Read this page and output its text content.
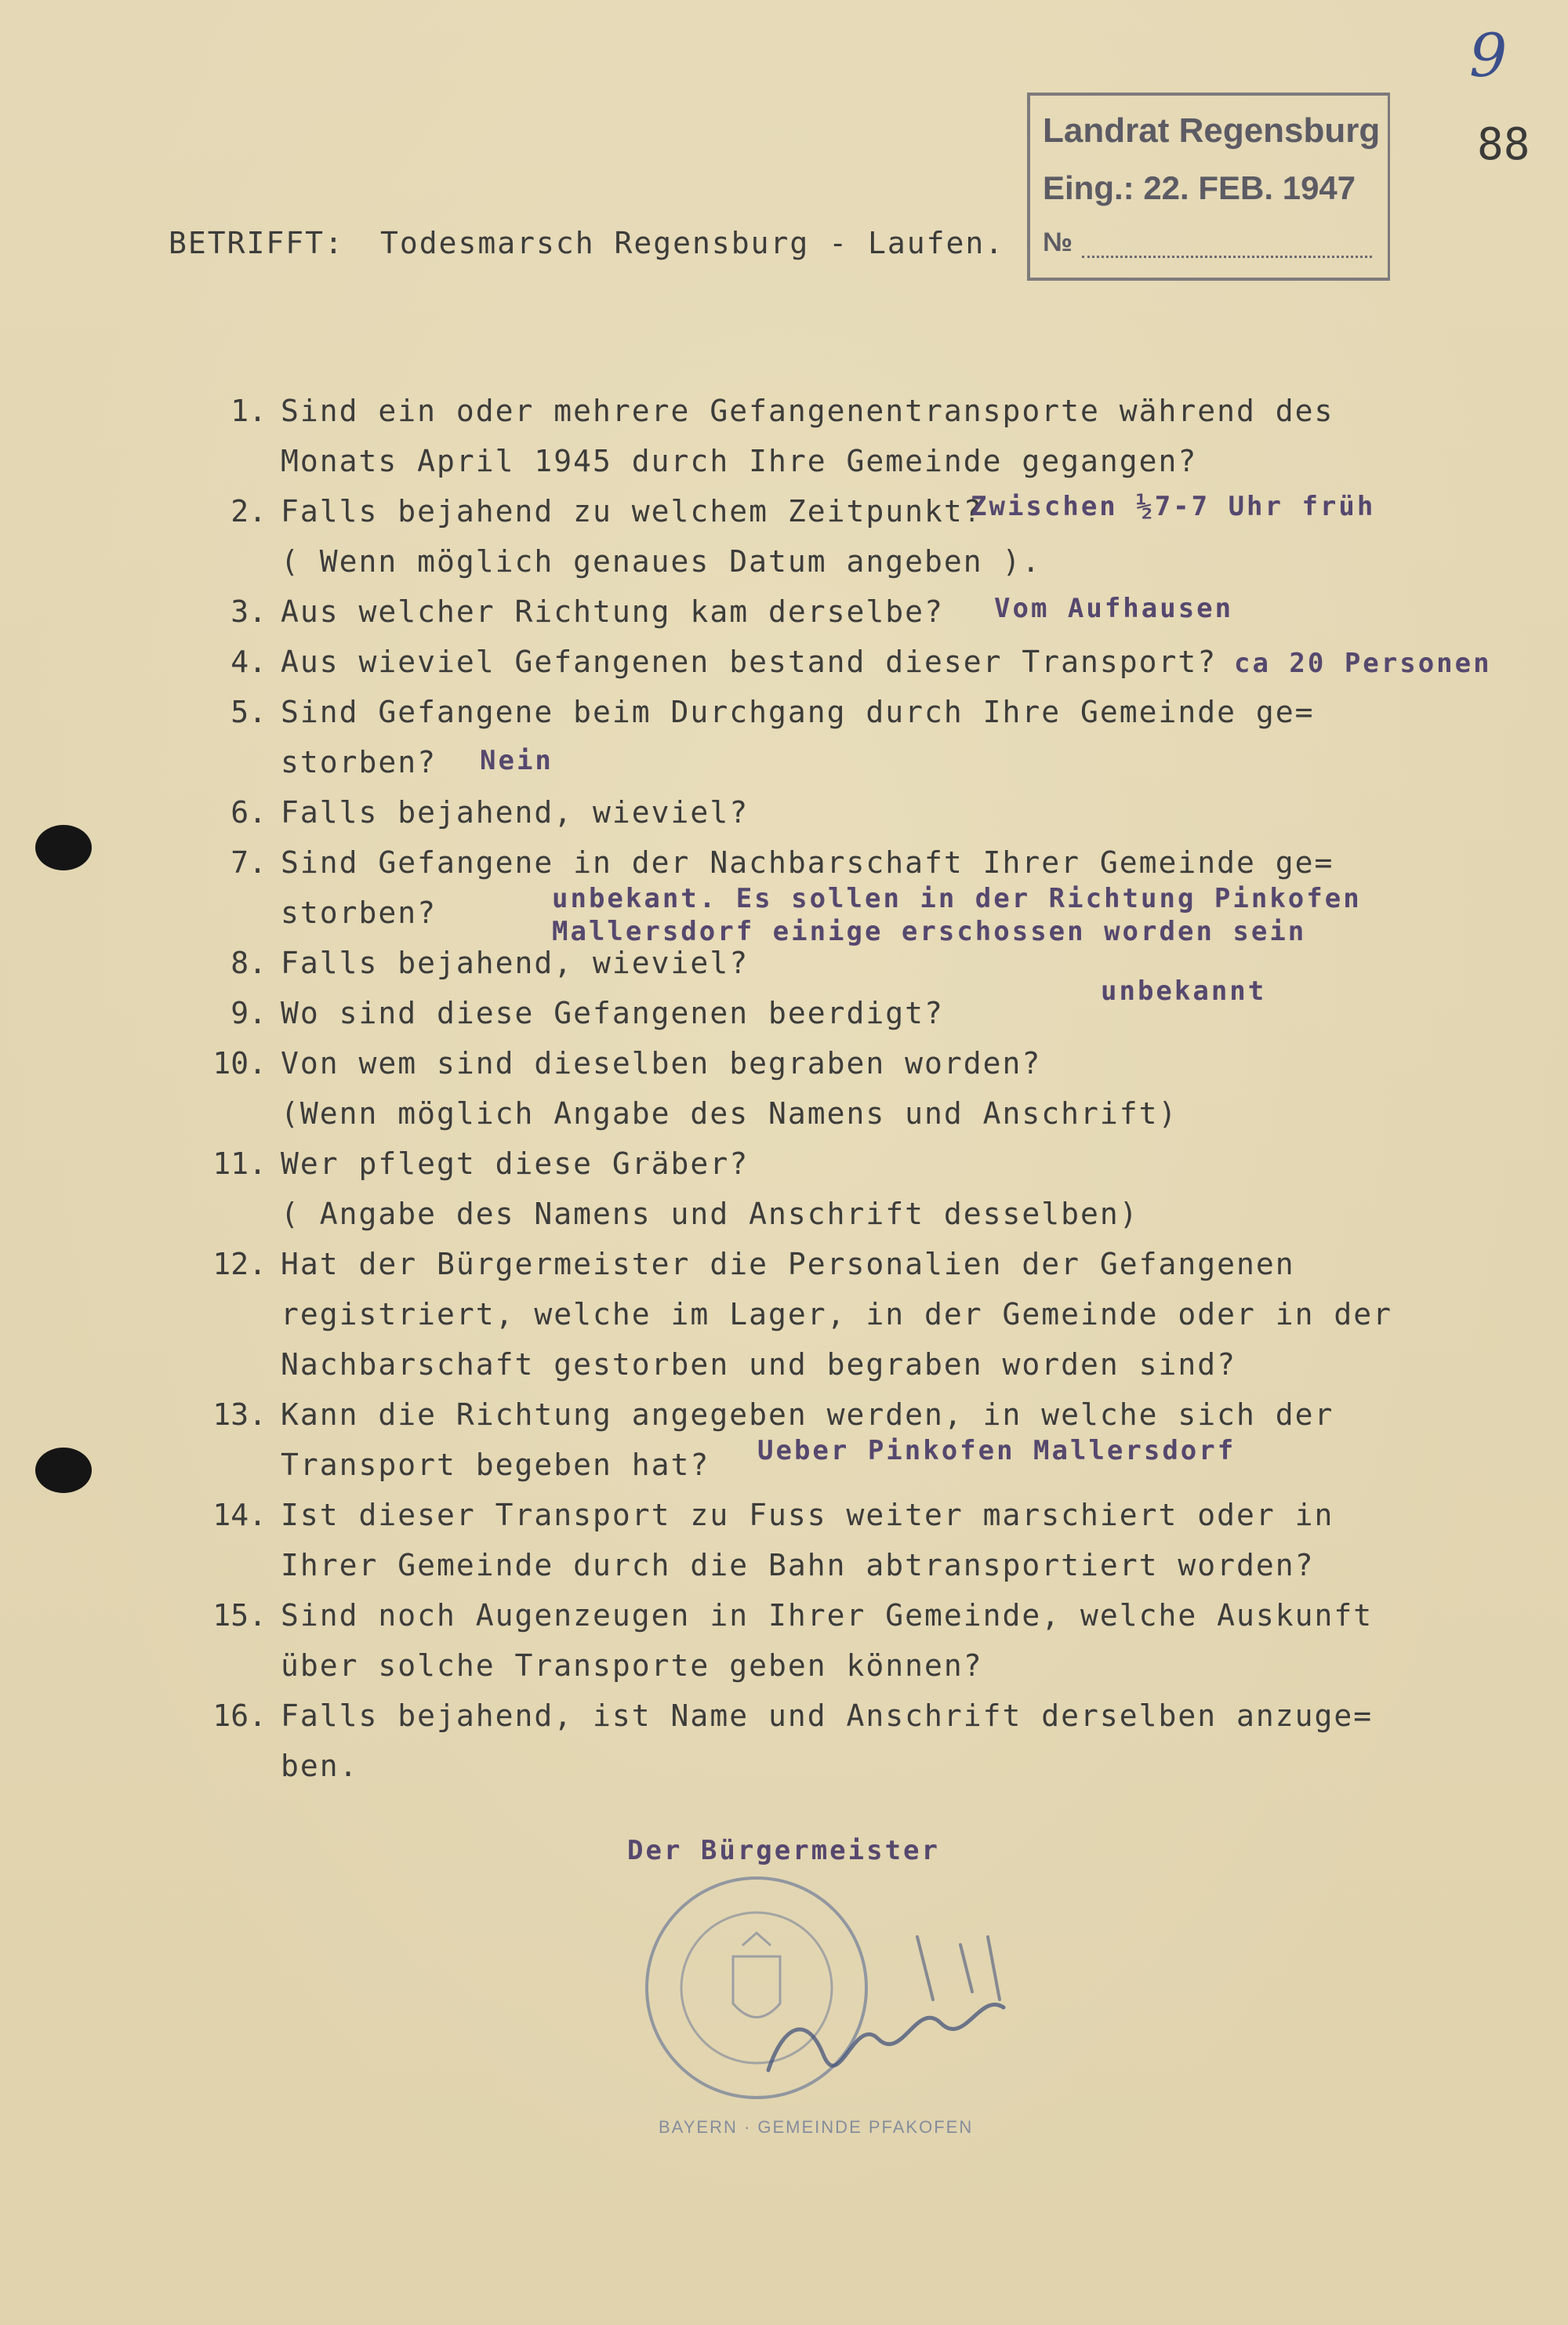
9
88
Landrat Regensburg
Eing.: 22. FEB. 1947
№
BETRIFFT: Todesmarsch Regensburg - Laufen.
1. Sind ein oder mehrere Gefangenentransporte während des
Monats April 1945 durch Ihre Gemeinde gegangen?
2. Falls bejahend zu welchem Zeitpunkt?
( Wenn möglich genaues Datum angeben ).
3. Aus welcher Richtung kam derselbe?
4. Aus wieviel Gefangenen bestand dieser Transport?
5. Sind Gefangene beim Durchgang durch Ihre Gemeinde ge=
storben?
6. Falls bejahend, wieviel?
7. Sind Gefangene in der Nachbarschaft Ihrer Gemeinde ge=
storben?
8. Falls bejahend, wieviel?
9. Wo sind diese Gefangenen beerdigt?
10. Von wem sind dieselben begraben worden?
(Wenn möglich Angabe des Namens und Anschrift)
11. Wer pflegt diese Gräber?
( Angabe des Namens und Anschrift desselben)
12. Hat der Bürgermeister die Personalien der Gefangenen
registriert, welche im Lager, in der Gemeinde oder in der
Nachbarschaft gestorben und begraben worden sind?
13. Kann die Richtung angegeben werden, in welche sich der
Transport begeben hat?
14. Ist dieser Transport zu Fuss weiter marschiert oder in
Ihrer Gemeinde durch die Bahn abtransportiert worden?
15. Sind noch Augenzeugen in Ihrer Gemeinde, welche Auskunft
über solche Transporte geben können?
16. Falls bejahend, ist Name und Anschrift derselben anzuge=
ben.
Zwischen ½7-7 Uhr früh
Vom Aufhausen
ca 20 Personen
Nein
unbekant. Es sollen in der Richtung Pinkofen
Mallersdorf einige erschossen worden sein
unbekannt
Ueber Pinkofen Mallersdorf
Der Bürgermeister
BAYERN · GEMEINDE PFAKOFEN
